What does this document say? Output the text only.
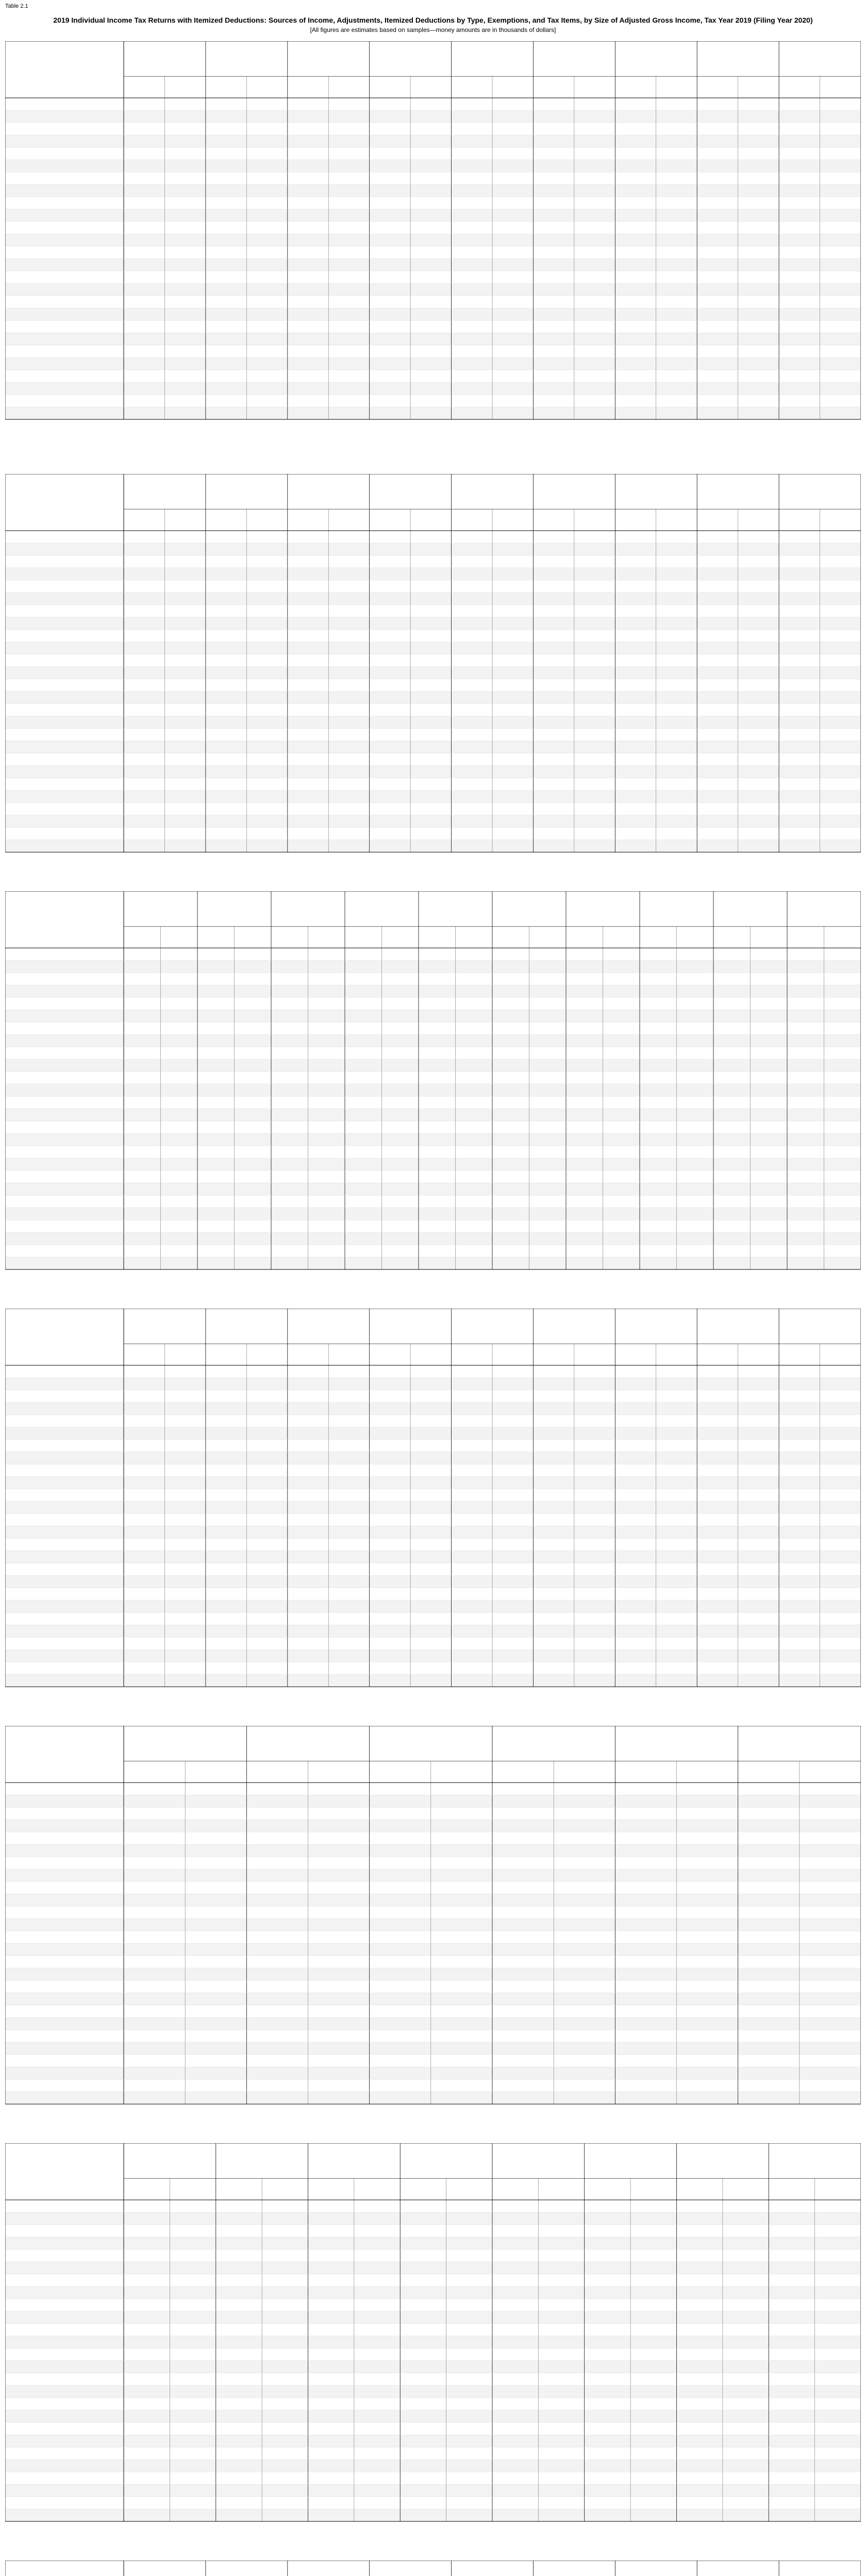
Table 2.1

2019 Individual Income Tax Returns with Itemized Deductions: Sources of Income, Adjustments, Itemized Deductions by Type, Exemptions, and Tax Items, by Size of Adjusted Gross Income, Tax Year 2019 (Filing Year 2020)

[All figures are estimates based on samples—money amounts are in thousands of dollars]
